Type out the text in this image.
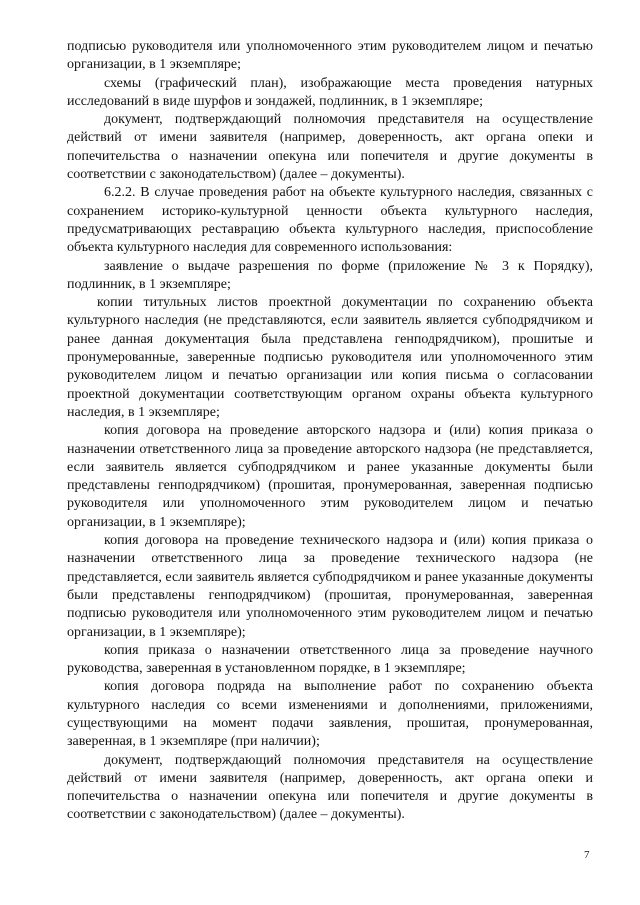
подписью руководителя или уполномоченного этим руководителем лицом и печатью организации, в 1 экземпляре;

схемы (графический план), изображающие места проведения натурных исследований в виде шурфов и зондажей, подлинник, в 1 экземпляре;

документ, подтверждающий полномочия представителя на осуществление действий от имени заявителя (например, доверенность, акт органа опеки и попечительства о назначении опекуна или попечителя и другие документы в соответствии с законодательством) (далее – документы).

6.2.2. В случае проведения работ на объекте культурного наследия, связанных с сохранением историко-культурной ценности объекта культурного наследия, предусматривающих реставрацию объекта культурного наследия, приспособление объекта культурного наследия для современного использования:

заявление о выдаче разрешения по форме (приложение № 3 к Порядку), подлинник, в 1 экземпляре;

копии титульных листов проектной документации по сохранению объекта культурного наследия (не представляются, если заявитель является субподрядчиком и ранее данная документация была представлена генподрядчиком), прошитые и пронумерованные, заверенные подписью руководителя или уполномоченного этим руководителем лицом и печатью организации или копия письма о согласовании проектной документации соответствующим органом охраны объекта культурного наследия, в 1 экземпляре;

копия договора на проведение авторского надзора и (или) копия приказа о назначении ответственного лица за проведение авторского надзора (не представляется, если заявитель является субподрядчиком и ранее указанные документы были представлены генподрядчиком) (прошитая, пронумерованная, заверенная подписью руководителя или уполномоченного этим руководителем лицом и печатью организации, в 1 экземпляре);

копия договора на проведение технического надзора и (или) копия приказа о назначении ответственного лица за проведение технического надзора (не представляется, если заявитель является субподрядчиком и ранее указанные документы были представлены генподрядчиком) (прошитая, пронумерованная, заверенная подписью руководителя или уполномоченного этим руководителем лицом и печатью организации, в 1 экземпляре);

копия приказа о назначении ответственного лица за проведение научного руководства, заверенная в установленном порядке, в 1 экземпляре;

копия договора подряда на выполнение работ по сохранению объекта культурного наследия со всеми изменениями и дополнениями, приложениями, существующими на момент подачи заявления, прошитая, пронумерованная, заверенная, в 1 экземпляре (при наличии);

документ, подтверждающий полномочия представителя на осуществление действий от имени заявителя (например, доверенность, акт органа опеки и попечительства о назначении опекуна или попечителя и другие документы в соответствии с законодательством) (далее – документы).

7
